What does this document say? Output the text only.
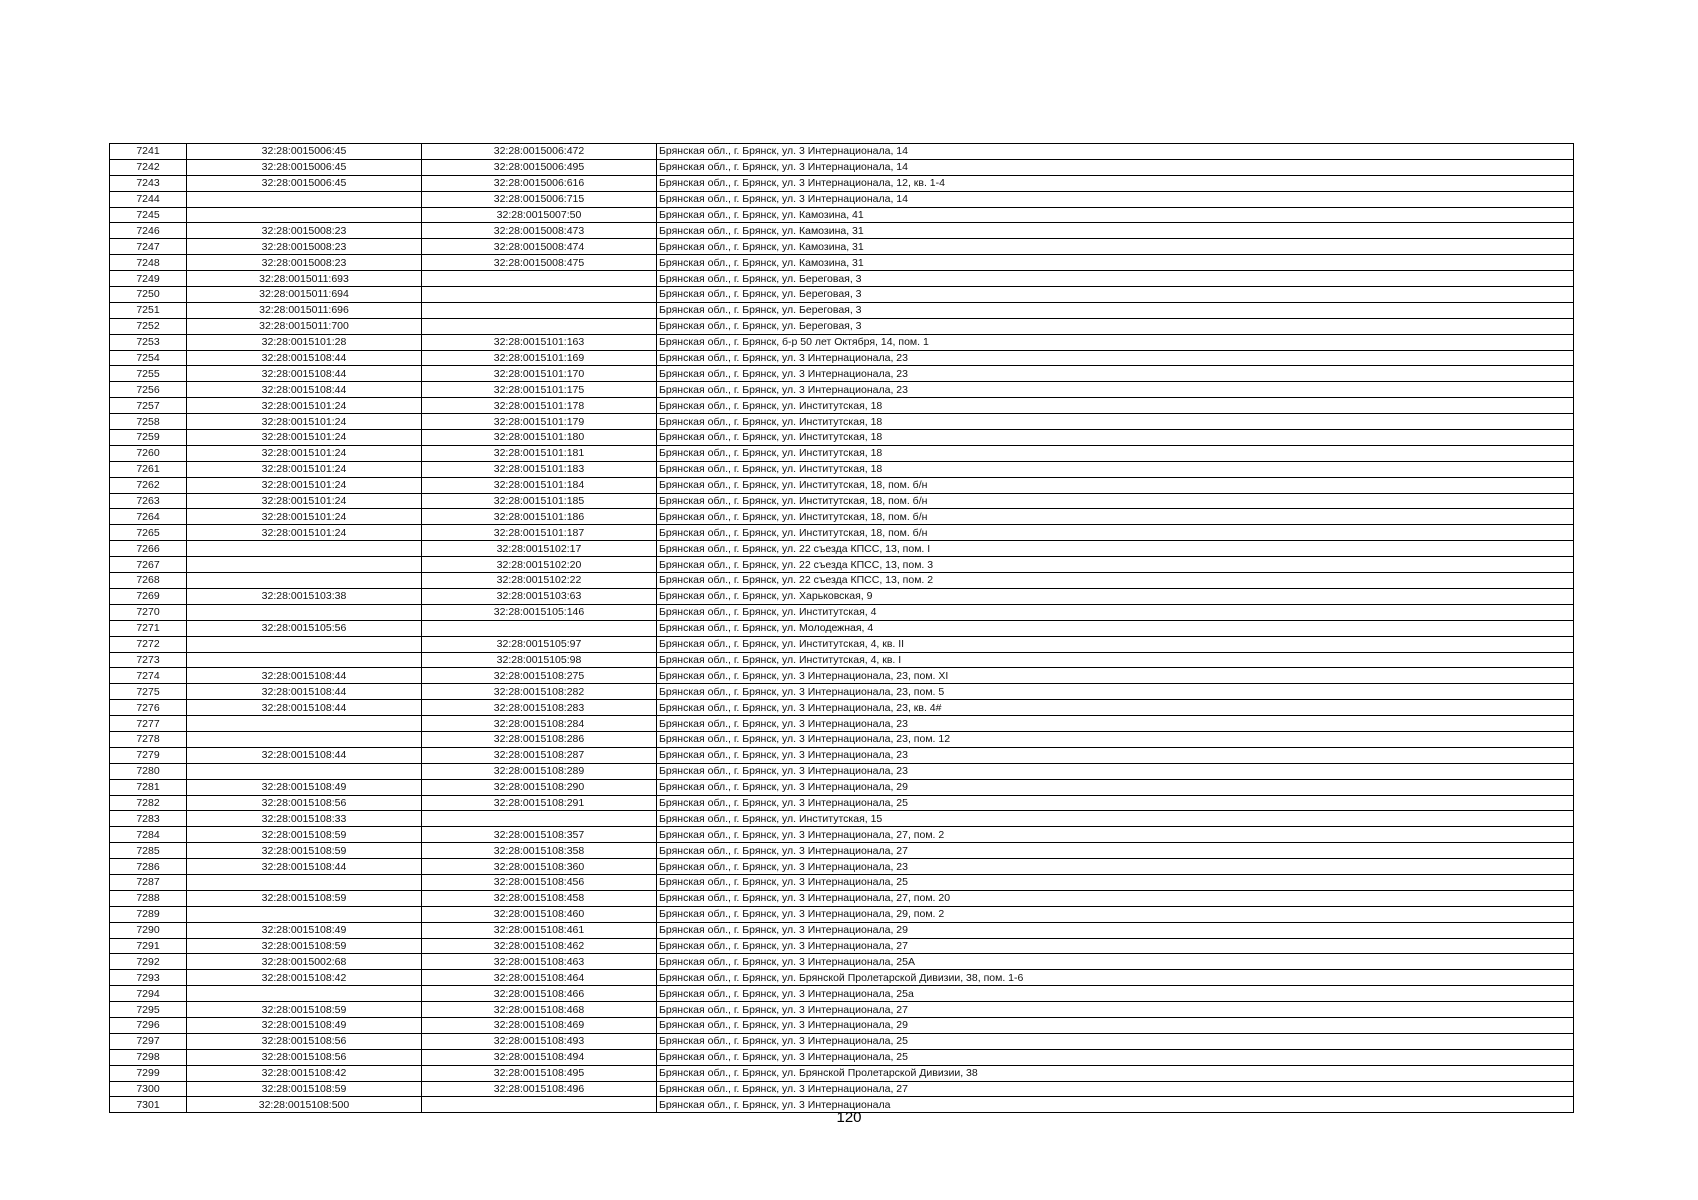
7241	32:28:0015006:45	32:28:0015006:472	Брянская обл., г. Брянск, ул. 3 Интернационала, 14
7242	32:28:0015006:45	32:28:0015006:495	Брянская обл., г. Брянск, ул. 3 Интернационала, 14
7243	32:28:0015006:45	32:28:0015006:616	Брянская обл., г. Брянск, ул. 3 Интернационала, 12, кв. 1-4
7244		32:28:0015006:715	Брянская обл., г. Брянск, ул. 3 Интернационала, 14
7245		32:28:0015007:50	Брянская обл., г. Брянск, ул. Камозина, 41
7246	32:28:0015008:23	32:28:0015008:473	Брянская обл., г. Брянск, ул. Камозина, 31
7247	32:28:0015008:23	32:28:0015008:474	Брянская обл., г. Брянск, ул. Камозина, 31
7248	32:28:0015008:23	32:28:0015008:475	Брянская обл., г. Брянск, ул. Камозина, 31
7249	32:28:0015011:693		Брянская обл., г. Брянск, ул. Береговая, 3
7250	32:28:0015011:694		Брянская обл., г. Брянск, ул. Береговая, 3
7251	32:28:0015011:696		Брянская обл., г. Брянск, ул. Береговая, 3
7252	32:28:0015011:700		Брянская обл., г. Брянск, ул. Береговая, 3
7253	32:28:0015101:28	32:28:0015101:163	Брянская обл., г. Брянск, б-р 50 лет Октября, 14, пом. 1
7254	32:28:0015108:44	32:28:0015101:169	Брянская обл., г. Брянск, ул. 3 Интернационала, 23
7255	32:28:0015108:44	32:28:0015101:170	Брянская обл., г. Брянск, ул. 3 Интернационала, 23
7256	32:28:0015108:44	32:28:0015101:175	Брянская обл., г. Брянск, ул. 3 Интернационала, 23
7257	32:28:0015101:24	32:28:0015101:178	Брянская обл., г. Брянск, ул. Институтская, 18
7258	32:28:0015101:24	32:28:0015101:179	Брянская обл., г. Брянск, ул. Институтская, 18
7259	32:28:0015101:24	32:28:0015101:180	Брянская обл., г. Брянск, ул. Институтская, 18
7260	32:28:0015101:24	32:28:0015101:181	Брянская обл., г. Брянск, ул. Институтская, 18
7261	32:28:0015101:24	32:28:0015101:183	Брянская обл., г. Брянск, ул. Институтская, 18
7262	32:28:0015101:24	32:28:0015101:184	Брянская обл., г. Брянск, ул. Институтская, 18, пом. б/н
7263	32:28:0015101:24	32:28:0015101:185	Брянская обл., г. Брянск, ул. Институтская, 18, пом. б/н
7264	32:28:0015101:24	32:28:0015101:186	Брянская обл., г. Брянск, ул. Институтская, 18, пом. б/н
7265	32:28:0015101:24	32:28:0015101:187	Брянская обл., г. Брянск, ул. Институтская, 18, пом. б/н
7266		32:28:0015102:17	Брянская обл., г. Брянск, ул. 22 съезда КПСС, 13, пом. I
7267		32:28:0015102:20	Брянская обл., г. Брянск, ул. 22 съезда КПСС, 13, пом. 3
7268		32:28:0015102:22	Брянская обл., г. Брянск, ул. 22 съезда КПСС, 13, пом. 2
7269	32:28:0015103:38	32:28:0015103:63	Брянская обл., г. Брянск, ул. Харьковская, 9
7270		32:28:0015105:146	Брянская обл., г. Брянск, ул. Институтская, 4
7271	32:28:0015105:56		Брянская обл., г. Брянск, ул. Молодежная, 4
7272		32:28:0015105:97	Брянская обл., г. Брянск, ул. Институтская, 4, кв. II
7273		32:28:0015105:98	Брянская обл., г. Брянск, ул. Институтская, 4, кв. I
7274	32:28:0015108:44	32:28:0015108:275	Брянская обл., г. Брянск, ул. 3 Интернационала, 23, пом. XI
7275	32:28:0015108:44	32:28:0015108:282	Брянская обл., г. Брянск, ул. 3 Интернационала, 23, пом. 5
7276	32:28:0015108:44	32:28:0015108:283	Брянская обл., г. Брянск, ул. 3 Интернационала, 23, кв. 4#
7277		32:28:0015108:284	Брянская обл., г. Брянск, ул. 3 Интернационала, 23
7278		32:28:0015108:286	Брянская обл., г. Брянск, ул. 3 Интернационала, 23, пом. 12
7279	32:28:0015108:44	32:28:0015108:287	Брянская обл., г. Брянск, ул. 3 Интернационала, 23
7280		32:28:0015108:289	Брянская обл., г. Брянск, ул. 3 Интернационала, 23
7281	32:28:0015108:49	32:28:0015108:290	Брянская обл., г. Брянск, ул. 3 Интернационала, 29
7282	32:28:0015108:56	32:28:0015108:291	Брянская обл., г. Брянск, ул. 3 Интернационала, 25
7283	32:28:0015108:33		Брянская обл., г. Брянск, ул. Институтская, 15
7284	32:28:0015108:59	32:28:0015108:357	Брянская обл., г. Брянск, ул. 3 Интернационала, 27, пом. 2
7285	32:28:0015108:59	32:28:0015108:358	Брянская обл., г. Брянск, ул. 3 Интернационала, 27
7286	32:28:0015108:44	32:28:0015108:360	Брянская обл., г. Брянск, ул. 3 Интернационала, 23
7287		32:28:0015108:456	Брянская обл., г. Брянск, ул. 3 Интернационала, 25
7288	32:28:0015108:59	32:28:0015108:458	Брянская обл., г. Брянск, ул. 3 Интернационала, 27, пом. 20
7289		32:28:0015108:460	Брянская обл., г. Брянск, ул. 3 Интернационала, 29, пом. 2
7290	32:28:0015108:49	32:28:0015108:461	Брянская обл., г. Брянск, ул. 3 Интернационала, 29
7291	32:28:0015108:59	32:28:0015108:462	Брянская обл., г. Брянск, ул. 3 Интернационала, 27
7292	32:28:0015002:68	32:28:0015108:463	Брянская обл., г. Брянск, ул. 3 Интернационала, 25А
7293	32:28:0015108:42	32:28:0015108:464	Брянская обл., г. Брянск, ул. Брянской Пролетарской Дивизии, 38, пом. 1-6
7294		32:28:0015108:466	Брянская обл., г. Брянск, ул. 3 Интернационала, 25а
7295	32:28:0015108:59	32:28:0015108:468	Брянская обл., г. Брянск, ул. 3 Интернационала, 27
7296	32:28:0015108:49	32:28:0015108:469	Брянская обл., г. Брянск, ул. 3 Интернационала, 29
7297	32:28:0015108:56	32:28:0015108:493	Брянская обл., г. Брянск, ул. 3 Интернационала, 25
7298	32:28:0015108:56	32:28:0015108:494	Брянская обл., г. Брянск, ул. 3 Интернационала, 25
7299	32:28:0015108:42	32:28:0015108:495	Брянская обл., г. Брянск, ул. Брянской Пролетарской Дивизии, 38
7300	32:28:0015108:59	32:28:0015108:496	Брянская обл., г. Брянск, ул. 3 Интернационала, 27
7301	32:28:0015108:500		Брянская обл., г. Брянск, ул. 3 Интернационала
120
